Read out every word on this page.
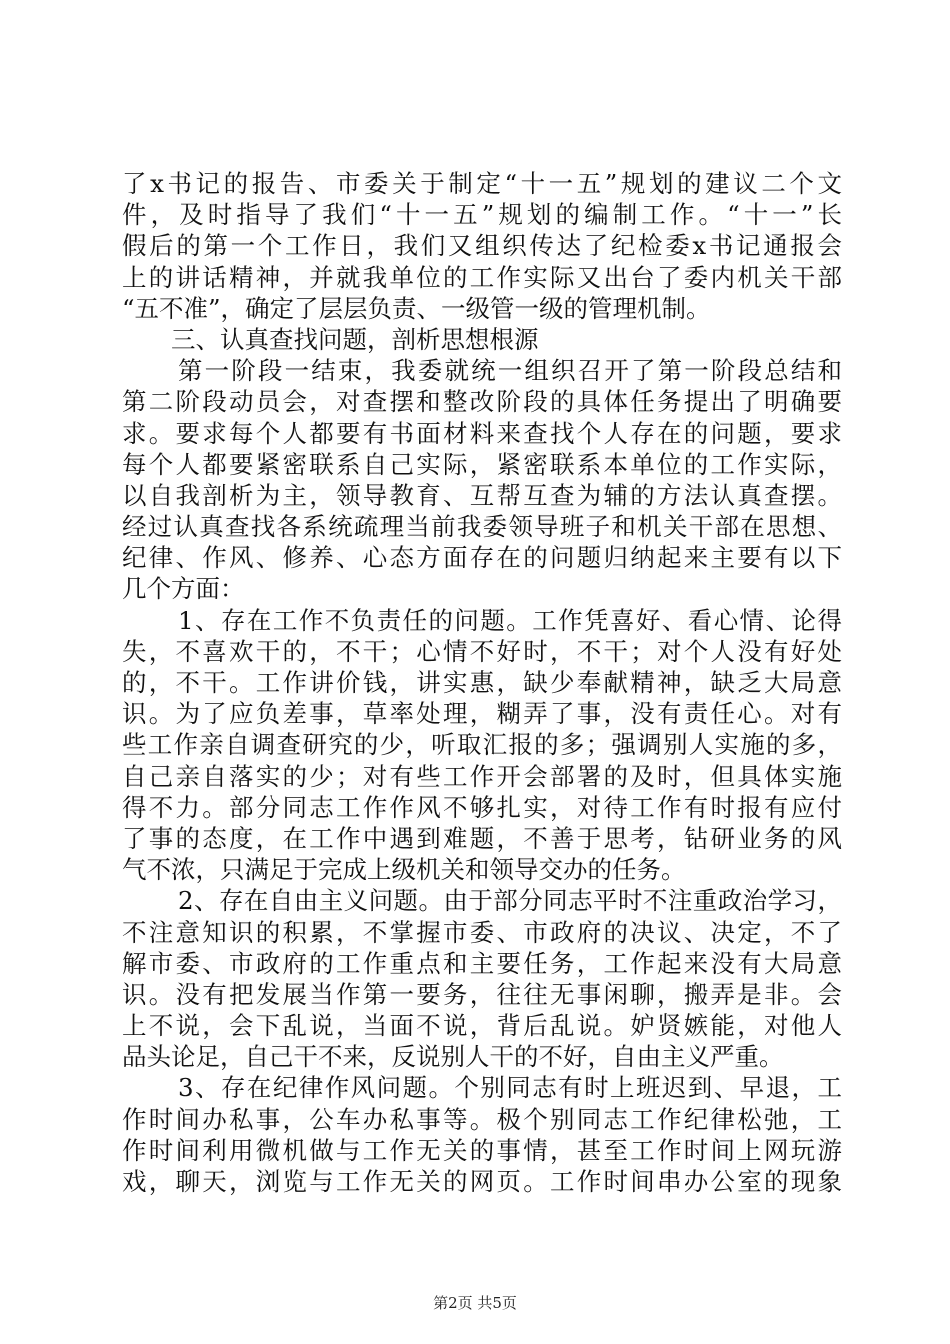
了x书记的报告、市委关于制定“十一五”规划的建议二个文
件，及时指导了我们“十一五”规划的编制工作。“十一”长
假后的第一个工作日，我们又组织传达了纪检委x书记通报会
上的讲话精神，并就我单位的工作实际又出台了委内机关干部
“五不准”，确定了层层负责、一级管一级的管理机制。
三、认真查找问题，剖析思想根源
第一阶段一结束，我委就统一组织召开了第一阶段总结和
第二阶段动员会，对查摆和整改阶段的具体任务提出了明确要
求。要求每个人都要有书面材料来查找个人存在的问题，要求
每个人都要紧密联系自己实际，紧密联系本单位的工作实际，
以自我剖析为主，领导教育、互帮互查为辅的方法认真查摆。
经过认真查找各系统疏理当前我委领导班子和机关干部在思想、
纪律、作风、修养、心态方面存在的问题归纳起来主要有以下
几个方面：
1、存在工作不负责任的问题。工作凭喜好、看心情、论得
失，不喜欢干的，不干；心情不好时，不干；对个人没有好处
的，不干。工作讲价钱，讲实惠，缺少奉献精神，缺乏大局意
识。为了应负差事，草率处理，糊弄了事，没有责任心。对有
些工作亲自调查研究的少，听取汇报的多；强调别人实施的多，
自己亲自落实的少；对有些工作开会部署的及时，但具体实施
得不力。部分同志工作作风不够扎实，对待工作有时报有应付
了事的态度，在工作中遇到难题，不善于思考，钻研业务的风
气不浓，只满足于完成上级机关和领导交办的任务。
2、存在自由主义问题。由于部分同志平时不注重政治学习，
不注意知识的积累，不掌握市委、市政府的决议、决定，不了
解市委、市政府的工作重点和主要任务，工作起来没有大局意
识。没有把发展当作第一要务，往往无事闲聊，搬弄是非。会
上不说，会下乱说，当面不说，背后乱说。妒贤嫉能，对他人
品头论足，自己干不来，反说别人干的不好，自由主义严重。
3、存在纪律作风问题。个别同志有时上班迟到、早退，工
作时间办私事，公车办私事等。极个别同志工作纪律松弛，工
作时间利用微机做与工作无关的事情，甚至工作时间上网玩游
戏，聊天，浏览与工作无关的网页。工作时间串办公室的现象
第2页 共5页
